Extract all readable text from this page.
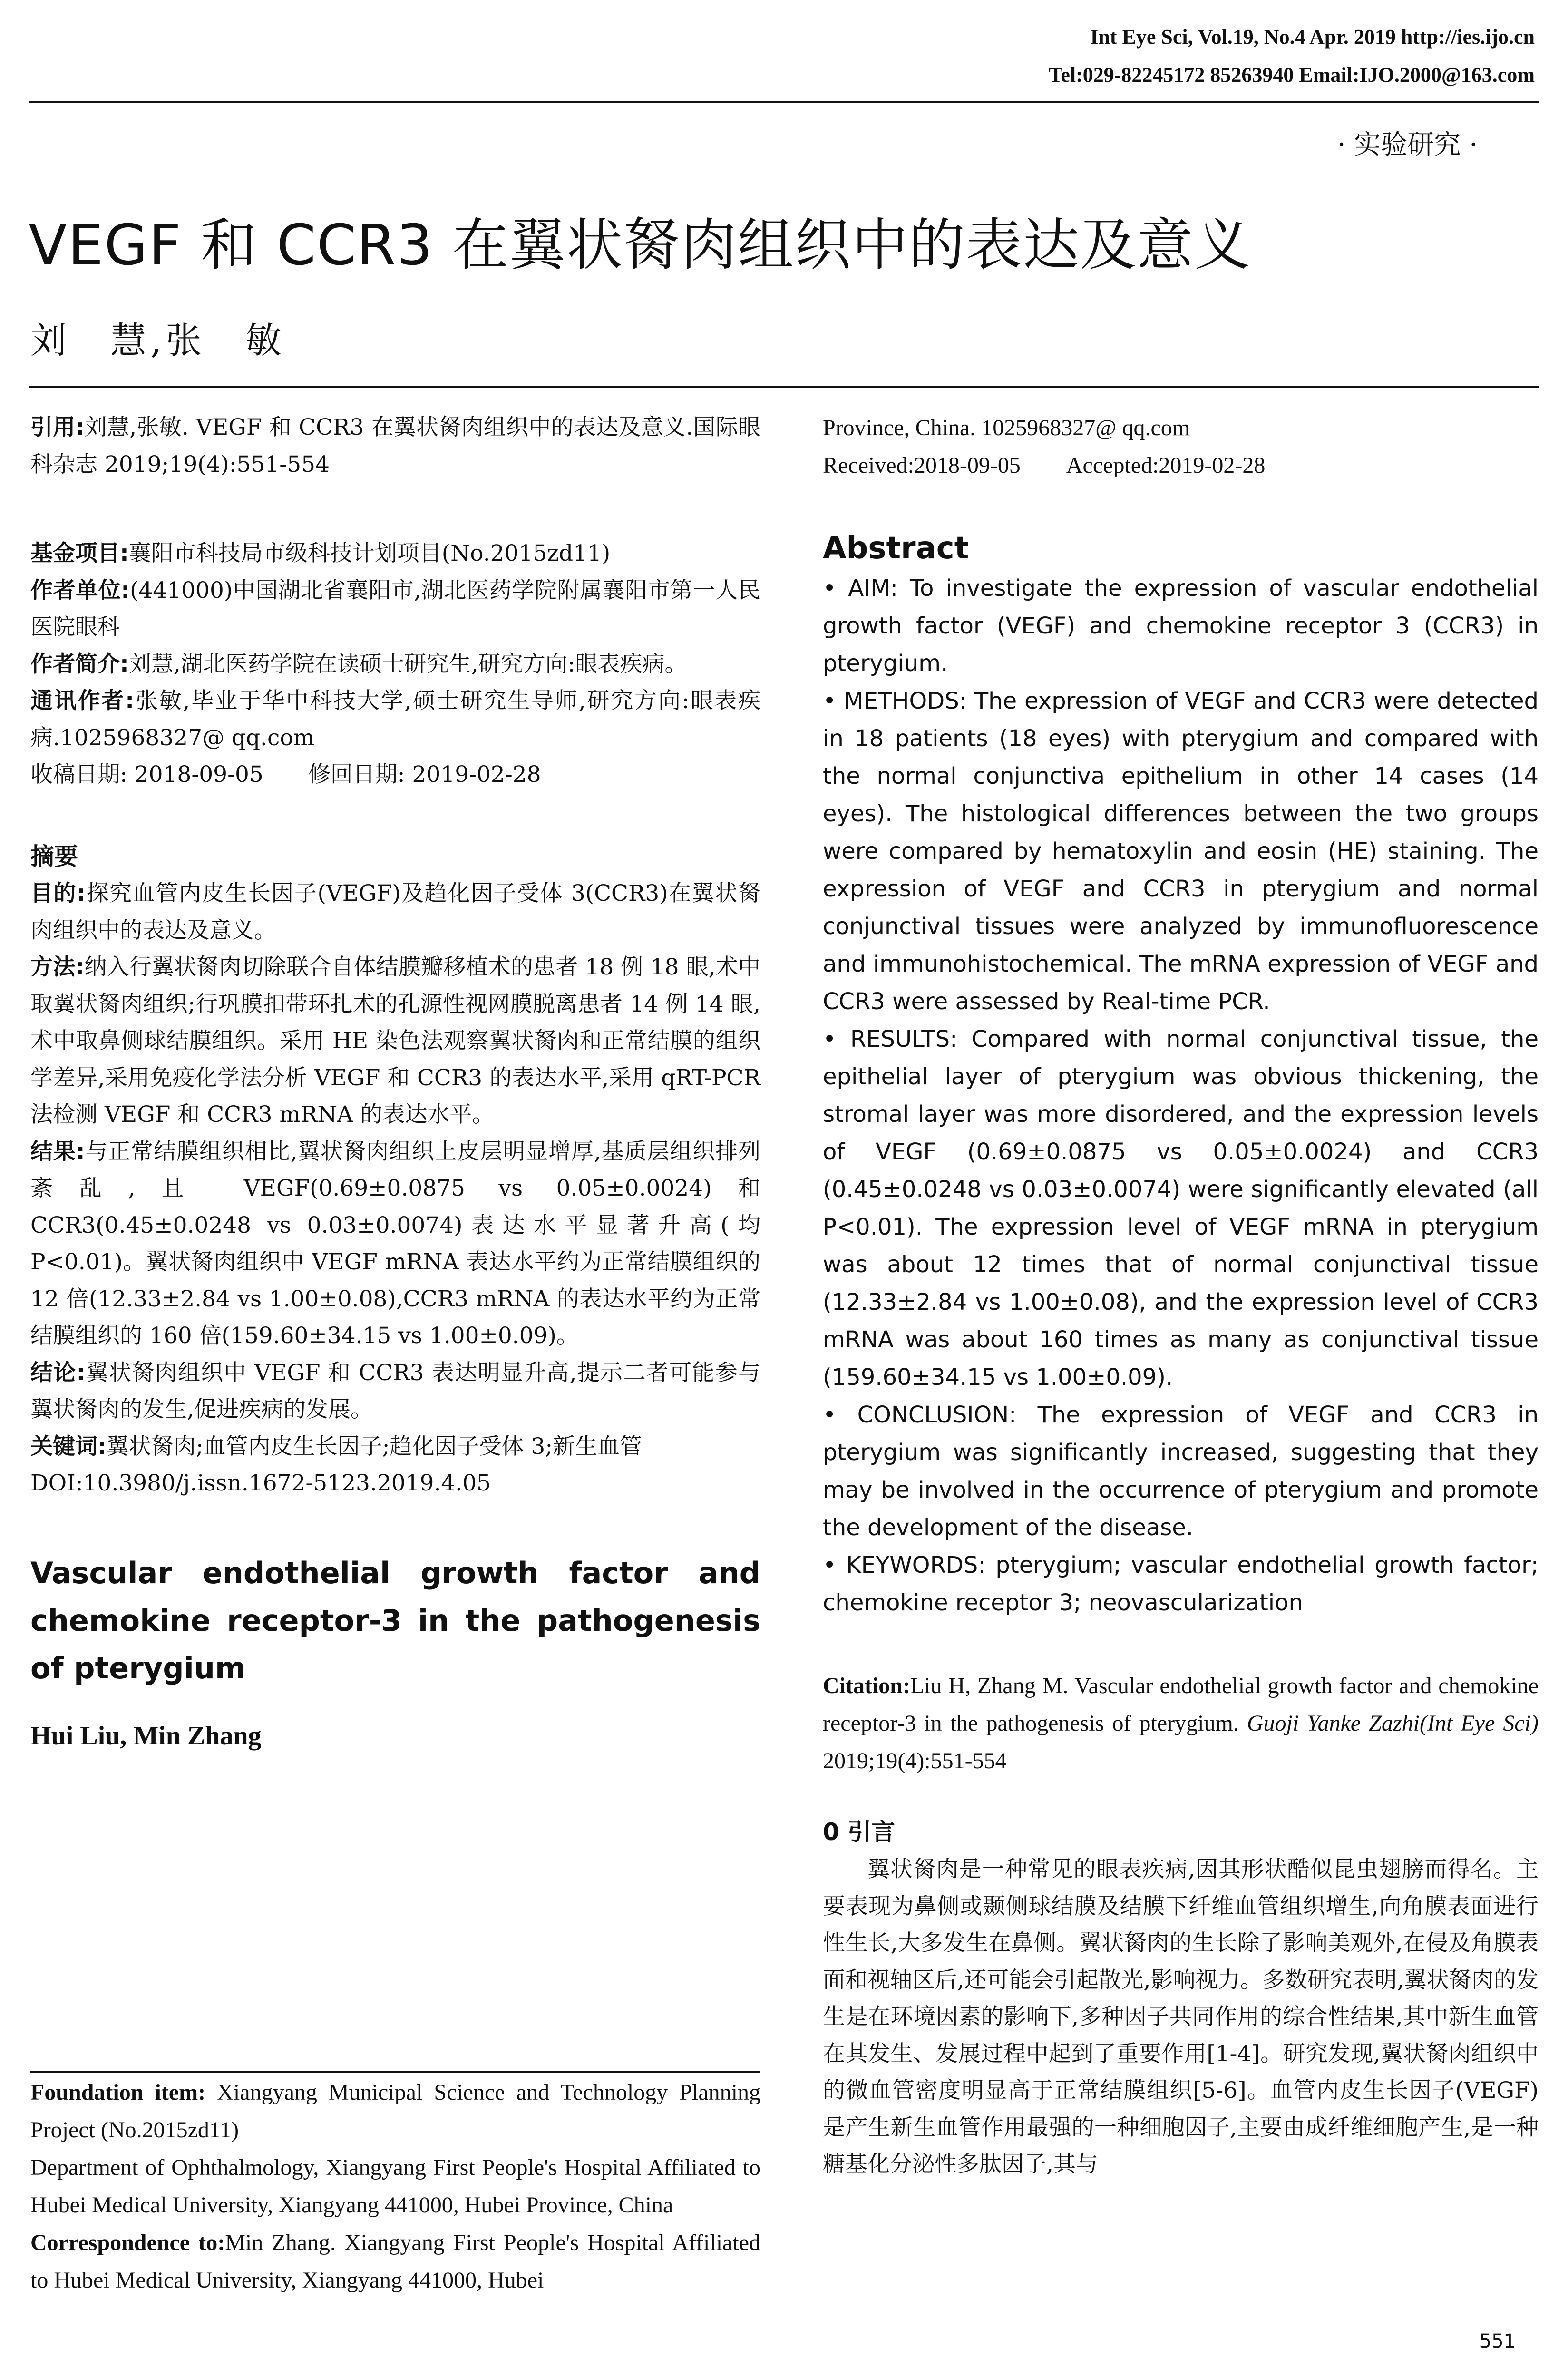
Int Eye Sci, Vol.19, No.4 Apr. 2019 http://ies.ijo.cn
Tel:029-82245172 85263940 Email:IJO.2000@163.com
· 实验研究 ·
VEGF 和 CCR3 在翼状胬肉组织中的表达及意义
刘　慧,张　敏
引用:刘慧,张敏. VEGF 和 CCR3 在翼状胬肉组织中的表达及意义.国际眼科杂志 2019;19(4):551-554

基金项目:襄阳市科技局市级科技计划项目(No.2015zd11)

作者单位:(441000)中国湖北省襄阳市,湖北医药学院附属襄阳市第一人民医院眼科

作者简介:刘慧,湖北医药学院在读硕士研究生,研究方向:眼表疾病。

通讯作者:张敏,毕业于华中科技大学,硕士研究生导师,研究方向:眼表疾病.1025968327@ qq.com

收稿日期: 2018-09-05　　修回日期: 2019-02-28

摘要

目的:探究血管内皮生长因子(VEGF)及趋化因子受体 3(CCR3)在翼状胬肉组织中的表达及意义。

方法:纳入行翼状胬肉切除联合自体结膜瓣移植术的患者 18 例 18 眼,术中取翼状胬肉组织;行巩膜扣带环扎术的孔源性视网膜脱离患者 14 例 14 眼,术中取鼻侧球结膜组织。采用 HE 染色法观察翼状胬肉和正常结膜的组织学差异,采用免疫化学法分析 VEGF 和 CCR3 的表达水平,采用 qRT-PCR 法检测 VEGF 和 CCR3 mRNA 的表达水平。

结果:与正常结膜组织相比,翼状胬肉组织上皮层明显增厚,基质层组织排列紊乱,且 VEGF(0.69±0.0875 vs 0.05±0.0024)和 CCR3(0.45±0.0248 vs 0.03±0.0074)表达水平显著升高(均 P<0.01)。翼状胬肉组织中 VEGF mRNA 表达水平约为正常结膜组织的 12 倍(12.33±2.84 vs 1.00±0.08),CCR3 mRNA 的表达水平约为正常结膜组织的 160 倍(159.60±34.15 vs 1.00±0.09)。

结论:翼状胬肉组织中 VEGF 和 CCR3 表达明显升高,提示二者可能参与翼状胬肉的发生,促进疾病的发展。

关键词:翼状胬肉;血管内皮生长因子;趋化因子受体 3;新生血管

DOI:10.3980/j.issn.1672-5123.2019.4.05

Vascular endothelial growth factor and chemokine receptor-3 in the pathogenesis of pterygium
Hui Liu, Min Zhang

Foundation item: Xiangyang Municipal Science and Technology Planning Project (No.2015zd11)

Department of Ophthalmology, Xiangyang First People's Hospital Affiliated to Hubei Medical University, Xiangyang 441000, Hubei Province, China

Correspondence to:Min Zhang. Xiangyang First People's Hospital Affiliated to Hubei Medical University, Xiangyang 441000, Hubei

Province, China. 1025968327@ qq.com

Received:2018-09-05　　Accepted:2019-02-28

Abstract

• AIM: To investigate the expression of vascular endothelial growth factor (VEGF) and chemokine receptor 3 (CCR3) in pterygium.

• METHODS: The expression of VEGF and CCR3 were detected in 18 patients (18 eyes) with pterygium and compared with the normal conjunctiva epithelium in other 14 cases (14 eyes). The histological differences between the two groups were compared by hematoxylin and eosin (HE) staining. The expression of VEGF and CCR3 in pterygium and normal conjunctival tissues were analyzed by immunofluorescence and immunohistochemical. The mRNA expression of VEGF and CCR3 were assessed by Real-time PCR.

• RESULTS: Compared with normal conjunctival tissue, the epithelial layer of pterygium was obvious thickening, the stromal layer was more disordered, and the expression levels of VEGF (0.69±0.0875 vs 0.05±0.0024) and CCR3 (0.45±0.0248 vs 0.03±0.0074) were significantly elevated (all P<0.01). The expression level of VEGF mRNA in pterygium was about 12 times that of normal conjunctival tissue (12.33±2.84 vs 1.00±0.08), and the expression level of CCR3 mRNA was about 160 times as many as conjunctival tissue (159.60±34.15 vs 1.00±0.09).

• CONCLUSION: The expression of VEGF and CCR3 in pterygium was significantly increased, suggesting that they may be involved in the occurrence of pterygium and promote the development of the disease.

• KEYWORDS: pterygium; vascular endothelial growth factor; chemokine receptor 3; neovascularization

Citation:Liu H, Zhang M. Vascular endothelial growth factor and chemokine receptor-3 in the pathogenesis of pterygium. Guoji Yanke Zazhi(Int Eye Sci) 2019;19(4):551-554
0 引言
翼状胬肉是一种常见的眼表疾病,因其形状酷似昆虫翅膀而得名。主要表现为鼻侧或颞侧球结膜及结膜下纤维血管组织增生,向角膜表面进行性生长,大多发生在鼻侧。翼状胬肉的生长除了影响美观外,在侵及角膜表面和视轴区后,还可能会引起散光,影响视力。多数研究表明,翼状胬肉的发生是在环境因素的影响下,多种因子共同作用的综合性结果,其中新生血管在其发生、发展过程中起到了重要作用[1-4]。研究发现,翼状胬肉组织中的微血管密度明显高于正常结膜组织[5-6]。血管内皮生长因子(VEGF)是产生新生血管作用最强的一种细胞因子,主要由成纤维细胞产生,是一种糖基化分泌性多肽因子,其与
551
